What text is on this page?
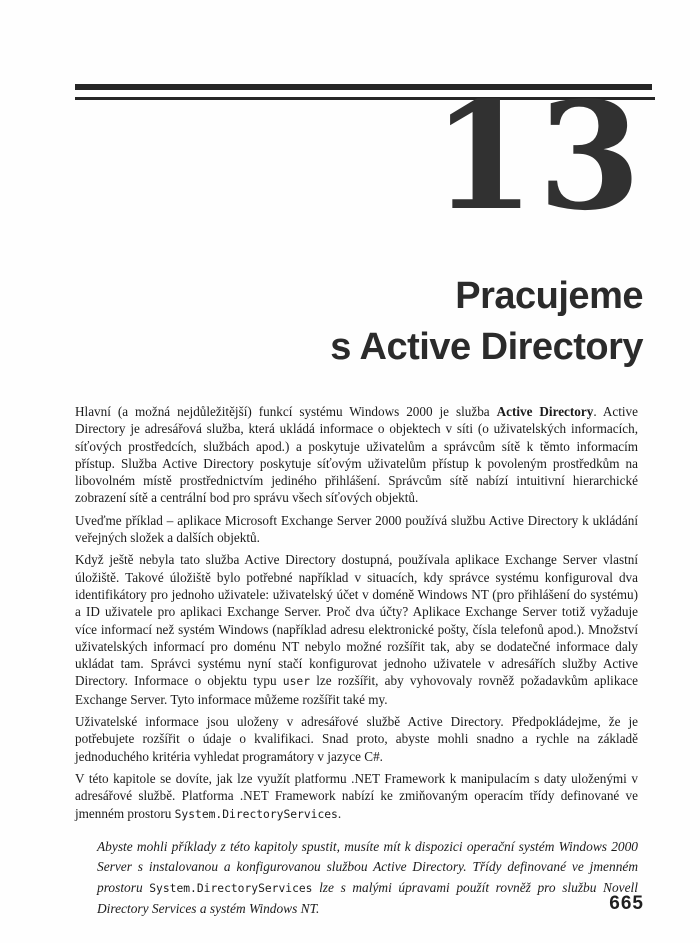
13
Pracujeme
s Active Directory

Hlavní (a možná nejdůležitější) funkcí systému Windows 2000 je služba Active Directory. Active Directory je adresářová služba, která ukládá informace o objektech v síti (o uživatelských informacích, síťových prostředcích, službách apod.) a poskytuje uživatelům a správcům sítě k těmto informacím přístup. Služba Active Directory poskytuje síťovým uživatelům přístup k povoleným prostředkům na libovolném místě prostřednictvím jediného přihlášení. Správcům sítě nabízí intuitivní hierarchické zobrazení sítě a centrální bod pro správu všech síťových objektů.

Uveďme příklad – aplikace Microsoft Exchange Server 2000 používá službu Active Directory k ukládání veřejných složek a dalších objektů.

Když ještě nebyla tato služba Active Directory dostupná, používala aplikace Exchange Server vlastní úložiště. Takové úložiště bylo potřebné například v situacích, kdy správce systému konfiguroval dva identifikátory pro jednoho uživatele: uživatelský účet v doméně Windows NT (pro přihlášení do systému) a ID uživatele pro aplikaci Exchange Server. Proč dva účty? Aplikace Exchange Server totiž vyžaduje více informací než systém Windows (například adresu elektronické pošty, čísla telefonů apod.). Množství uživatelských informací pro doménu NT nebylo možné rozšířit tak, aby se dodatečné informace daly ukládat tam. Správci systému nyní stačí konfigurovat jednoho uživatele v adresářích služby Active Directory. Informace o objektu typu user lze rozšířit, aby vyhovovaly rovněž požadavkům aplikace Exchange Server. Tyto informace můžeme rozšířit také my.

Uživatelské informace jsou uloženy v adresářové službě Active Directory. Předpokládejme, že je potřebujete rozšířit o údaje o kvalifikaci. Snad proto, abyste mohli snadno a rychle na základě jednoduchého kritéria vyhledat programátory v jazyce C#.

V této kapitole se dovíte, jak lze využít platformu .NET Framework k manipulacím s daty uloženými v adresářové službě. Platforma .NET Framework nabízí ke zmiňovaným operacím třídy definované ve jmenném prostoru System.DirectoryServices.

Abyste mohli příklady z této kapitoly spustit, musíte mít k dispozici operační systém Windows 2000 Server s instalovanou a konfigurovanou službou Active Directory. Třídy definované ve jmenném prostoru System.DirectoryServices lze s malými úpravami použít rovněž pro službu Novell Directory Services a systém Windows NT.	665
